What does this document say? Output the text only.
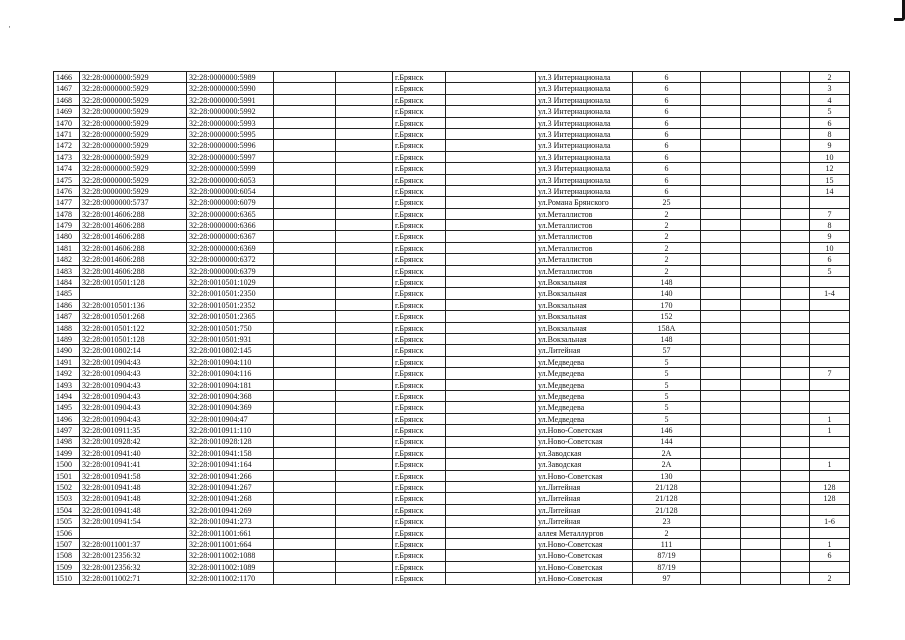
·
1466	32:28:0000000:5929	32:28:0000000:5989			г.Брянск		ул.3 Интернационала	6				2
1467	32:28:0000000:5929	32:28:0000000:5990			г.Брянск		ул.3 Интернационала	6				3
1468	32:28:0000000:5929	32:28:0000000:5991			г.Брянск		ул.3 Интернационала	6				4
1469	32:28:0000000:5929	32:28:0000000:5992			г.Брянск		ул.3 Интернационала	6				5
1470	32:28:0000000:5929	32:28:0000000:5993			г.Брянск		ул.3 Интернационала	6				6
1471	32:28:0000000:5929	32:28:0000000:5995			г.Брянск		ул.3 Интернационала	6				8
1472	32:28:0000000:5929	32:28:0000000:5996			г.Брянск		ул.3 Интернационала	6				9
1473	32:28:0000000:5929	32:28:0000000:5997			г.Брянск		ул.3 Интернационала	6				10
1474	32:28:0000000:5929	32:28:0000000:5999			г.Брянск		ул.3 Интернационала	6				12
1475	32:28:0000000:5929	32:28:0000000:6053			г.Брянск		ул.3 Интернационала	6				15
1476	32:28:0000000:5929	32:28:0000000:6054			г.Брянск		ул.3 Интернационала	6				14
1477	32:28:0000000:5737	32:28:0000000:6079			г.Брянск		ул.Романа Брянского	25				
1478	32:28:0014606:288	32:28:0000000:6365			г.Брянск		ул.Металлистов	2				7
1479	32:28:0014606:288	32:28:0000000:6366			г.Брянск		ул.Металлистов	2				8
1480	32:28:0014606:288	32:28:0000000:6367			г.Брянск		ул.Металлистов	2				9
1481	32:28:0014606:288	32:28:0000000:6369			г.Брянск		ул.Металлистов	2				10
1482	32:28:0014606:288	32:28:0000000:6372			г.Брянск		ул.Металлистов	2				6
1483	32:28:0014606:288	32:28:0000000:6379			г.Брянск		ул.Металлистов	2				5
1484	32:28:0010501:128	32:28:0010501:1029			г.Брянск		ул.Вокзальная	148				
1485		32:28:0010501:2350			г.Брянск		ул.Вокзальная	140				1-4
1486	32:28:0010501:136	32:28:0010501:2352			г.Брянск		ул.Вокзальная	170				
1487	32:28:0010501:268	32:28:0010501:2365			г.Брянск		ул.Вокзальная	152				
1488	32:28:0010501:122	32:28:0010501:750			г.Брянск		ул.Вокзальная	158А				
1489	32:28:0010501:128	32:28:0010501:931			г.Брянск		ул.Вокзальная	148				
1490	32:28:0010802:14	32:28:0010802:145			г.Брянск		ул.Литейная	57				
1491	32:28:0010904:43	32:28:0010904:110			г.Брянск		ул.Медведева	5				
1492	32:28:0010904:43	32:28:0010904:116			г.Брянск		ул.Медведева	5				7
1493	32:28:0010904:43	32:28:0010904:181			г.Брянск		ул.Медведева	5				
1494	32:28:0010904:43	32:28:0010904:368			г.Брянск		ул.Медведева	5				
1495	32:28:0010904:43	32:28:0010904:369			г.Брянск		ул.Медведева	5				
1496	32:28:0010904:43	32:28:0010904:47			г.Брянск		ул.Медведева	5				1
1497	32:28:0010911:35	32:28:0010911:110			г.Брянск		ул.Ново-Советская	146				1
1498	32:28:0010928:42	32:28:0010928:128			г.Брянск		ул.Ново-Советская	144				
1499	32:28:0010941:40	32:28:0010941:158			г.Брянск		ул.Заводская	2А				
1500	32:28:0010941:41	32:28:0010941:164			г.Брянск		ул.Заводская	2А				1
1501	32:28:0010941:58	32:28:0010941:266			г.Брянск		ул.Ново-Советская	130				
1502	32:28:0010941:48	32:28:0010941:267			г.Брянск		ул.Литейная	21/128				128
1503	32:28:0010941:48	32:28:0010941:268			г.Брянск		ул.Литейная	21/128				128
1504	32:28:0010941:48	32:28:0010941:269			г.Брянск		ул.Литейная	21/128				
1505	32:28:0010941:54	32:28:0010941:273			г.Брянск		ул.Литейная	23				1-6
1506		32:28:0011001:661			г.Брянск		аллея Металлургов	2				
1507	32:28:0011001:37	32:28:0011001:664			г.Брянск		ул.Ново-Советская	111				1
1508	32:28:0012356:32	32:28:0011002:1088			г.Брянск		ул.Ново-Советская	87/19				6
1509	32:28:0012356:32	32:28:0011002:1089			г.Брянск		ул.Ново-Советская	87/19				
1510	32:28:0011002:71	32:28:0011002:1170			г.Брянск		ул.Ново-Советская	97				2
